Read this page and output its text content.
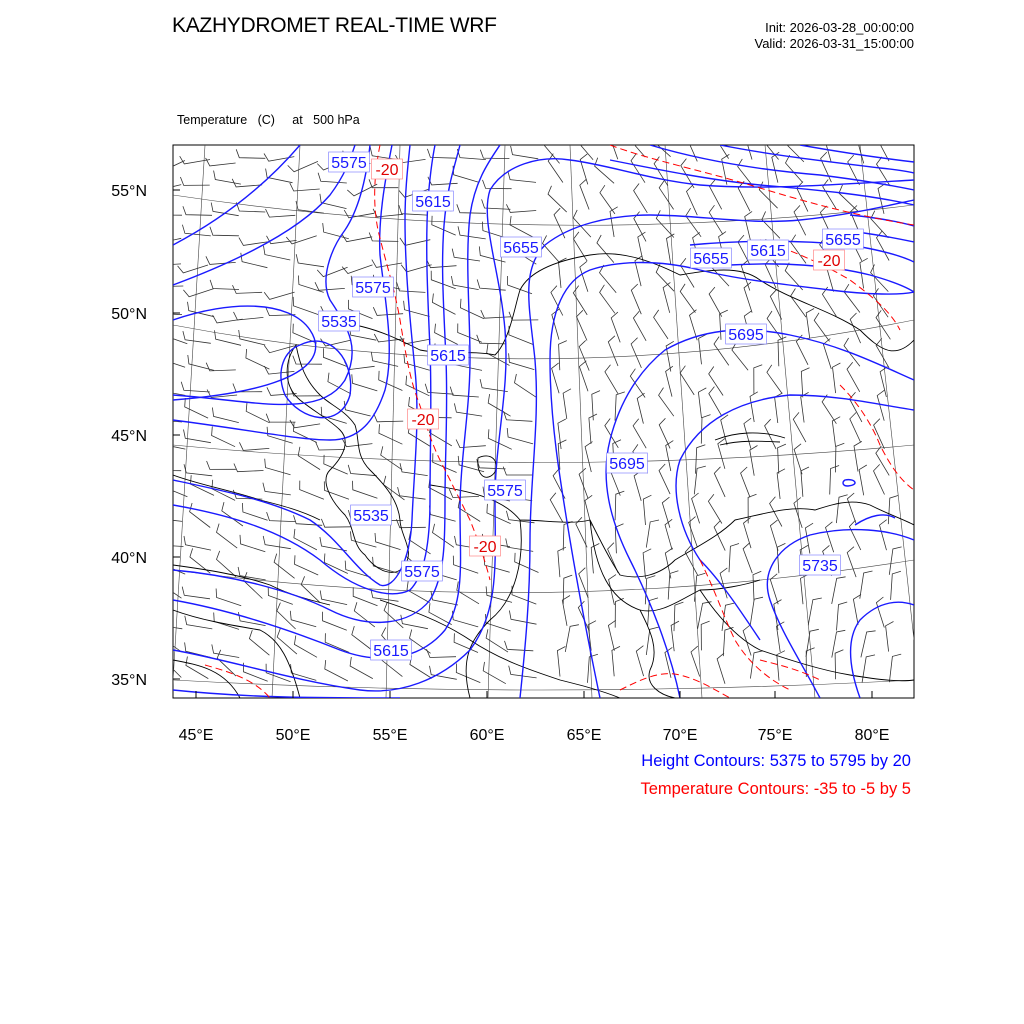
KAZHYDROMET REAL-TIME WRF	Init: 2026-03-28_00:00:00
Valid: 2026-03-31_15:00:00

Temperature   (C)     at   500 hPa

5575
5615
5655
5575
5535
5615
5695
5655 5615
5575
5695
5655
5535
5575
5615
5735
-20
-20
-20
-20
45°E	50°E	55°E	60°E	65°E	70°E	75°E	80°E
55°N
50°N
45°N
40°N
35°N
Height Contours: 5375 to 5795 by 20
Temperature Contours: -35 to -5 by 5
